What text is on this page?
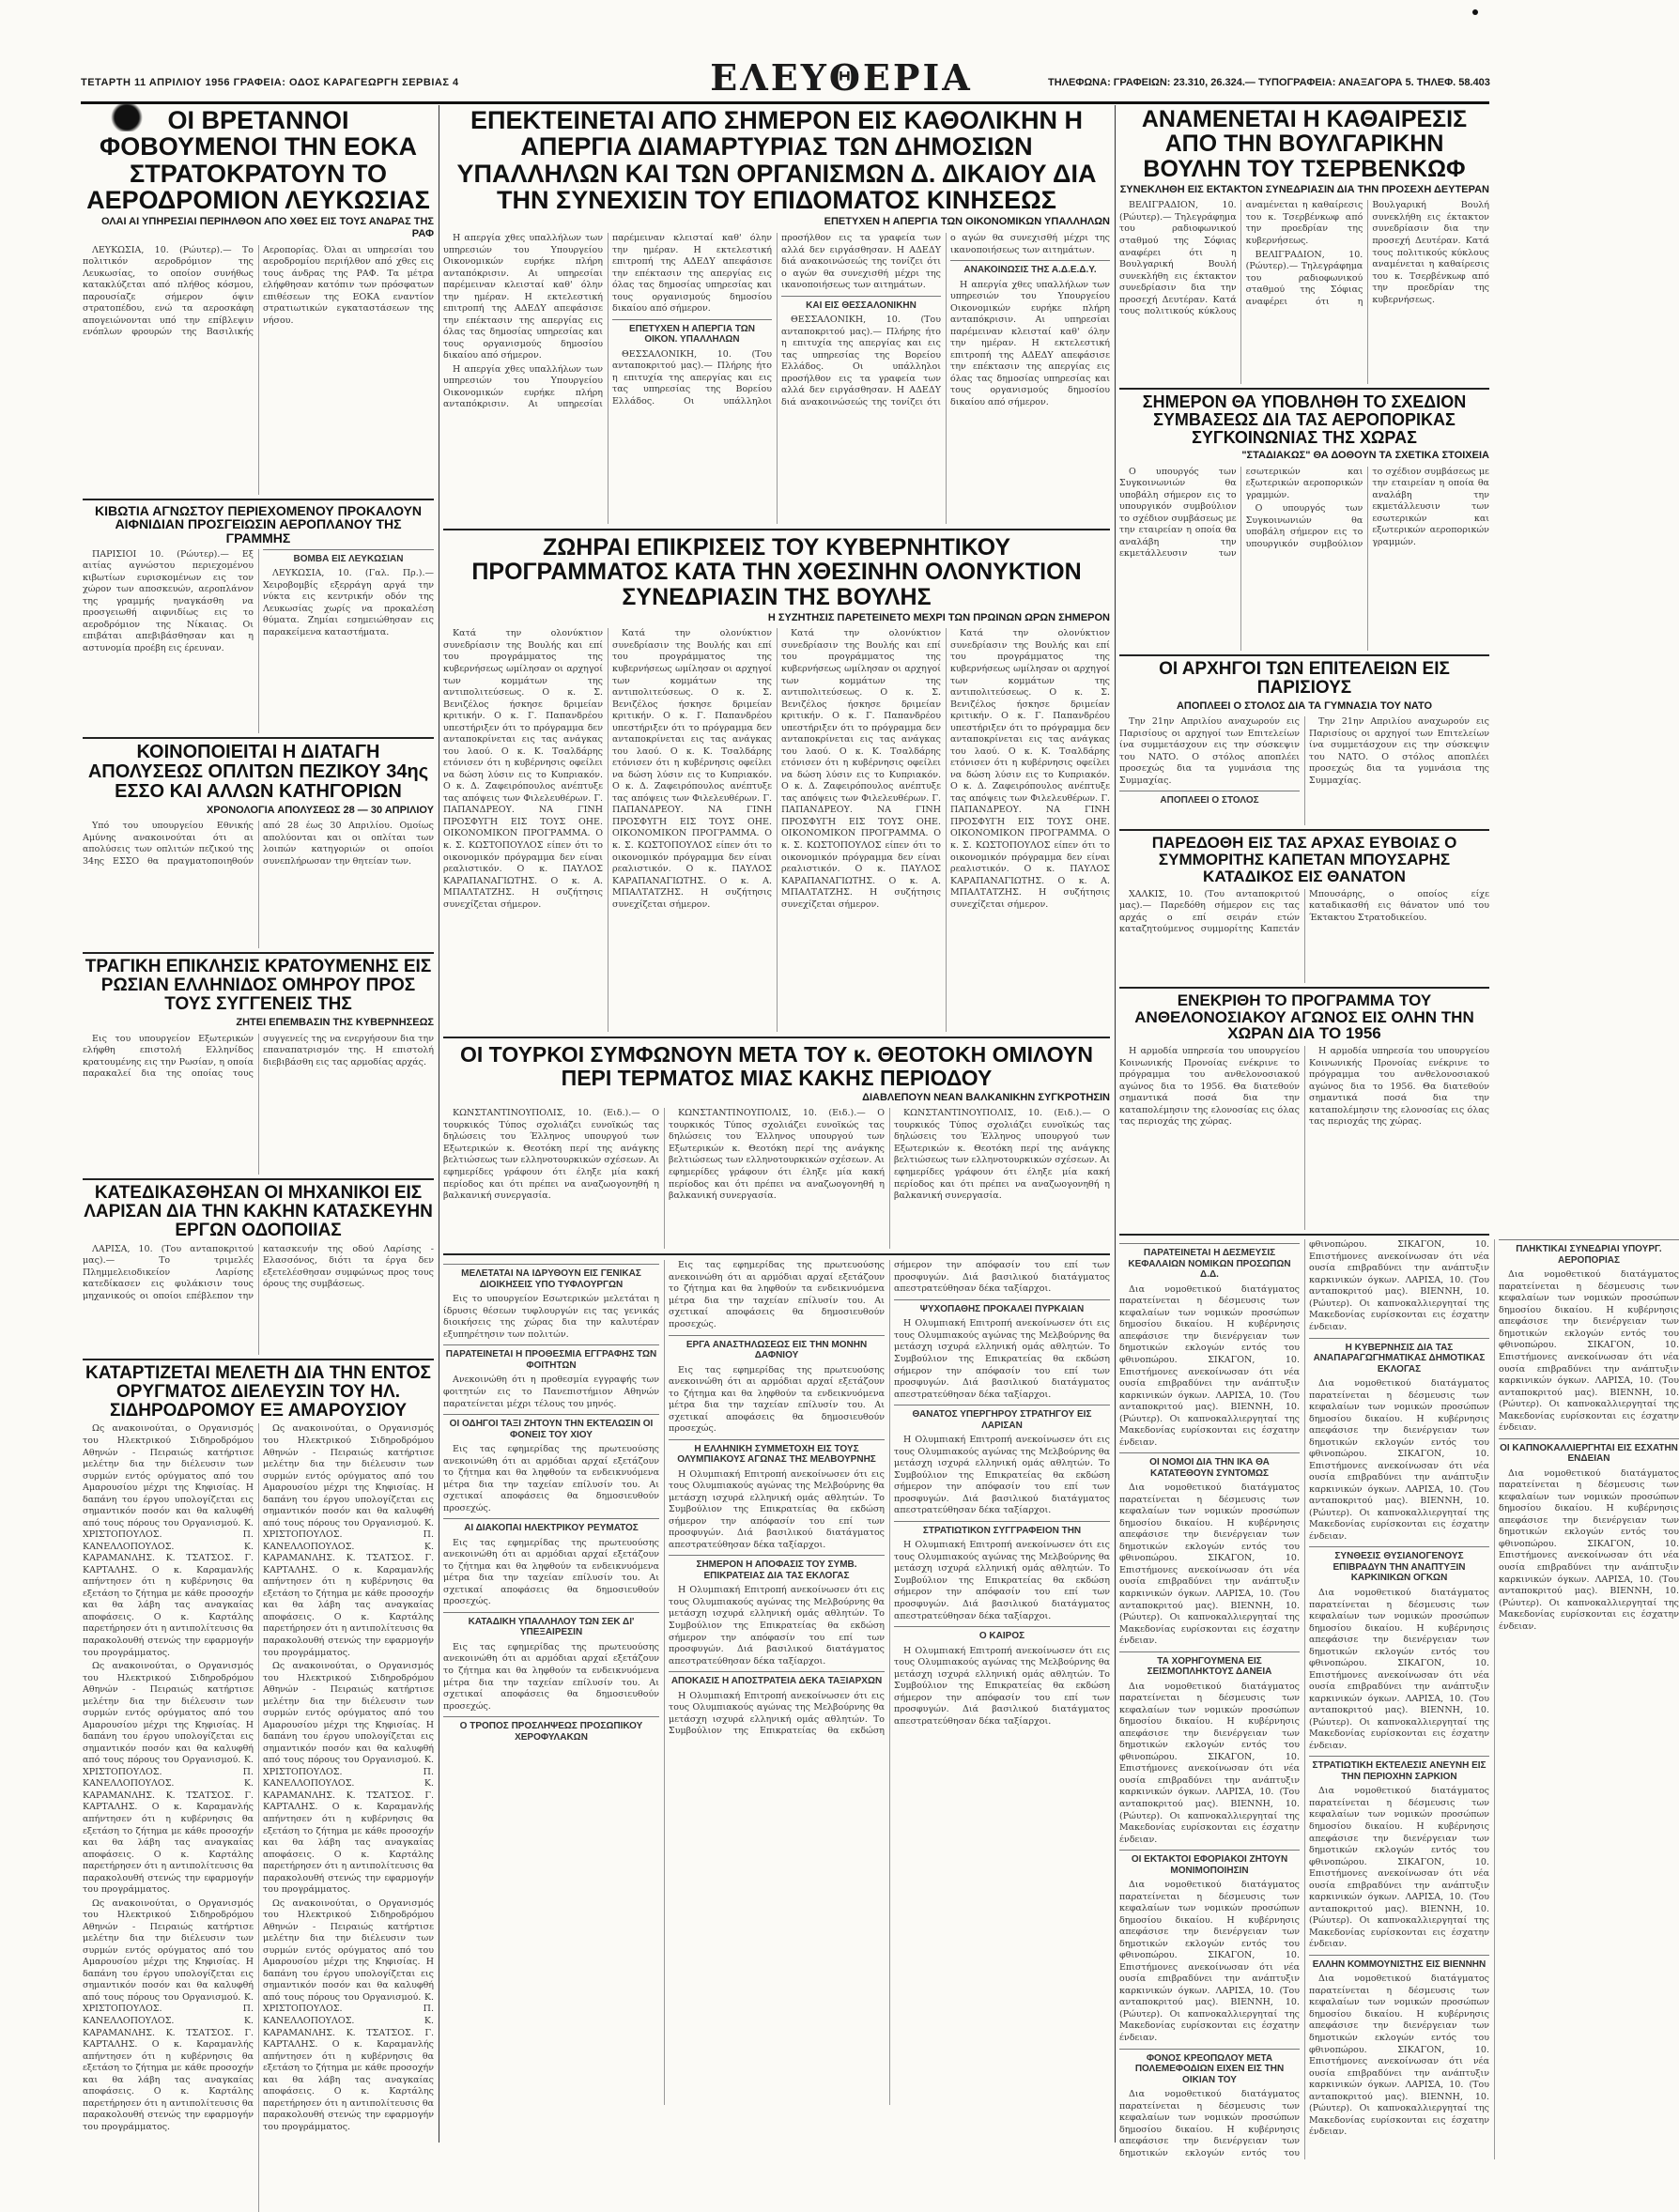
ΤΕΤΑΡΤΗ 11 ΑΠΡΙΛΙΟΥ 1956 ΓΡΑΦΕΙΑ: ΟΔΟΣ ΚΑΡΑΓΕΩΡΓΗ ΣΕΡΒΙΑΣ 4	ΕΛΕΥΘΕΡΙΑ	ΤΗΛΕΦΩΝΑ: ΓΡΑΦΕΙΩΝ: 23.310, 26.324.— ΤΥΠΟΓΡΑΦΕΙΑ: ΑΝΑΞΑΓΟΡΑ 5. ΤΗΛΕΦ. 58.403
ΟΙ ΒΡΕΤΑΝΝΟΙ ΦΟΒΟΥΜΕΝΟΙ ΤΗΝ ΕΟΚΑ ΣΤΡΑΤΟΚΡΑΤΟΥΝ ΤΟ ΑΕΡΟΔΡΟΜΙΟΝ ΛΕΥΚΩΣΙΑΣ
ΟΛΑΙ ΑΙ ΥΠΗΡΕΣΙΑΙ ΠΕΡΙΗΛΘΟΝ ΑΠΟ ΧΘΕΣ ΕΙΣ ΤΟΥΣ ΑΝΔΡΑΣ ΤΗΣ ΡΑΦ

ΛΕΥΚΩΣΙΑ, 10. (Ρώυτερ).— Το πολιτικόν αεροδρόμιον της Λευκωσίας, το οποίον συνήθως κατακλύζεται από πλήθος κόσμου, παρουσίαζε σήμερον όψιν στρατοπέδου, ενώ τα αεροσκάφη απογειώνονται υπό την επίβλεψιν ενόπλων φρουρών της Βασιλικής Αεροπορίας. Όλαι αι υπηρεσίαι του αεροδρομίου περιήλθον από χθες εις τους άνδρας της ΡΑΦ. Τα μέτρα ελήφθησαν κατόπιν των πρόσφατων επιθέσεων της ΕΟΚΑ εναντίον στρατιωτικών εγκαταστάσεων της νήσου.

ΚΙΒΩΤΙΑ ΑΓΝΩΣΤΟΥ ΠΕΡΙΕΧΟΜΕΝΟΥ ΠΡΟΚΑΛΟΥΝ ΑΙΦΝΙΔΙΑΝ ΠΡΟΣΓΕΙΩΣΙΝ ΑΕΡΟΠΛΑΝΟΥ ΤΗΣ ΓΡΑΜΜΗΣ

ΠΑΡΙΣΙΟΙ 10. (Ρώυτερ).— Εξ αιτίας αγνώστου περιεχομένου κιβωτίων ευρισκομένων εις τον χώρον των αποσκευών, αεροπλάνον της γραμμής ηναγκάσθη να προσγειωθή αιφνιδίως εις το αεροδρόμιον της Νίκαιας. Οι επιβάται απεβιβάσθησαν και η αστυνομία προέβη εις έρευναν.

ΒΟΜΒΑ ΕΙΣ ΛΕΥΚΩΣΙΑΝ

ΛΕΥΚΩΣΙΑ, 10. (Γαλ. Πρ.).— Χειροβομβίς εξερράγη αργά την νύκτα εις κεντρικήν οδόν της Λευκωσίας χωρίς να προκαλέση θύματα. Ζημίαι εσημειώθησαν εις παρακείμενα καταστήματα.

ΚΟΙΝΟΠΟΙΕΙΤΑΙ Η ΔΙΑΤΑΓΗ ΑΠΟΛΥΣΕΩΣ ΟΠΛΙΤΩΝ ΠΕΖΙΚΟΥ 34ης ΕΣΣΟ ΚΑΙ ΑΛΛΩΝ ΚΑΤΗΓΟΡΙΩΝ
ΧΡΟΝΟΛΟΓΙΑ ΑΠΟΛΥΣΕΩΣ 28 — 30 ΑΠΡΙΛΙΟΥ

Υπό του υπουργείου Εθνικής Αμύνης ανακοινούται ότι αι απολύσεις των οπλιτών πεζικού της 34ης ΕΣΣΟ θα πραγματοποιηθούν από 28 έως 30 Απριλίου. Ομοίως απολύονται και οι οπλίται των λοιπών κατηγοριών οι οποίοι συνεπλήρωσαν την θητείαν των.

ΤΡΑΓΙΚΗ ΕΠΙΚΛΗΣΙΣ ΚΡΑΤΟΥΜΕΝΗΣ ΕΙΣ ΡΩΣΙΑΝ ΕΛΛΗΝΙΔΟΣ ΟΜΗΡΟΥ ΠΡΟΣ ΤΟΥΣ ΣΥΓΓΕΝΕΙΣ ΤΗΣ
ΖΗΤΕΙ ΕΠΕΜΒΑΣΙΝ ΤΗΣ ΚΥΒΕΡΝΗΣΕΩΣ

Εις του υπουργείον Εξωτερικών ελήφθη επιστολή Ελληνίδος κρατουμένης εις την Ρωσίαν, η οποία παρακαλεί δια της οποίας τους συγγενείς της να ενεργήσουν δια την επαναπατρισμόν της. Η επιστολή διεβιβάσθη εις τας αρμοδίας αρχάς.

ΚΑΤΕΔΙΚΑΣΘΗΣΑΝ ΟΙ ΜΗΧΑΝΙΚΟΙ ΕΙΣ ΛΑΡΙΣΑΝ ΔΙΑ ΤΗΝ ΚΑΚΗΝ ΚΑΤΑΣΚΕΥΗΝ ΕΡΓΩΝ ΟΔΟΠΟΙΙΑΣ

ΛΑΡΙΣΑ, 10. (Του ανταποκριτού μας).— Το τριμελές Πλημμελειοδικείον Λαρίσης κατεδίκασεν εις φυλάκισιν τους μηχανικούς οι οποίοι επέβλεπον την κατασκευήν της οδού Λαρίσης - Ελασσόνος, διότι τα έργα δεν εξετελέσθησαν συμφώνως προς τους όρους της συμβάσεως.

ΚΑΤΑΡΤΙΖΕΤΑΙ ΜΕΛΕΤΗ ΔΙΑ ΤΗΝ ΕΝΤΟΣ ΟΡΥΓΜΑΤΟΣ ΔΙΕΛΕΥΣΙΝ ΤΟΥ ΗΛ. ΣΙΔΗΡΟΔΡΟΜΟΥ ΕΞ ΑΜΑΡΟΥΣΙΟΥ

Ως ανακοινούται, ο Οργανισμός του Ηλεκτρικού Σιδηροδρόμου Αθηνών - Πειραιώς κατήρτισε μελέτην δια την διέλευσιν των συρμών εντός ορύγματος από του Αμαρουσίου μέχρι της Κηφισίας. Η δαπάνη του έργου υπολογίζεται εις σημαντικόν ποσόν και θα καλυφθή από τους πόρους του Οργανισμού. Κ. ΧΡΙΣΤΟΠΟΥΛΟΣ. Π. ΚΑΝΕΛΛΟΠΟΥΛΟΣ. Κ. ΚΑΡΑΜΑΝΛΗΣ. Κ. ΤΣΑΤΣΟΣ. Γ. ΚΑΡΤΑΛΗΣ. Ο κ. Καραμανλής απήντησεν ότι η κυβέρνησις θα εξετάση το ζήτημα με κάθε προσοχήν και θα λάβη τας αναγκαίας αποφάσεις. Ο κ. Καρτάλης παρετήρησεν ότι η αντιπολίτευσις θα παρακολουθή στενώς την εφαρμογήν του προγράμματος.

Ως ανακοινούται, ο Οργανισμός του Ηλεκτρικού Σιδηροδρόμου Αθηνών - Πειραιώς κατήρτισε μελέτην δια την διέλευσιν των συρμών εντός ορύγματος από του Αμαρουσίου μέχρι της Κηφισίας. Η δαπάνη του έργου υπολογίζεται εις σημαντικόν ποσόν και θα καλυφθή από τους πόρους του Οργανισμού. Κ. ΧΡΙΣΤΟΠΟΥΛΟΣ. Π. ΚΑΝΕΛΛΟΠΟΥΛΟΣ. Κ. ΚΑΡΑΜΑΝΛΗΣ. Κ. ΤΣΑΤΣΟΣ. Γ. ΚΑΡΤΑΛΗΣ. Ο κ. Καραμανλής απήντησεν ότι η κυβέρνησις θα εξετάση το ζήτημα με κάθε προσοχήν και θα λάβη τας αναγκαίας αποφάσεις. Ο κ. Καρτάλης παρετήρησεν ότι η αντιπολίτευσις θα παρακολουθή στενώς την εφαρμογήν του προγράμματος.

Ως ανακοινούται, ο Οργανισμός του Ηλεκτρικού Σιδηροδρόμου Αθηνών - Πειραιώς κατήρτισε μελέτην δια την διέλευσιν των συρμών εντός ορύγματος από του Αμαρουσίου μέχρι της Κηφισίας. Η δαπάνη του έργου υπολογίζεται εις σημαντικόν ποσόν και θα καλυφθή από τους πόρους του Οργανισμού. Κ. ΧΡΙΣΤΟΠΟΥΛΟΣ. Π. ΚΑΝΕΛΛΟΠΟΥΛΟΣ. Κ. ΚΑΡΑΜΑΝΛΗΣ. Κ. ΤΣΑΤΣΟΣ. Γ. ΚΑΡΤΑΛΗΣ. Ο κ. Καραμανλής απήντησεν ότι η κυβέρνησις θα εξετάση το ζήτημα με κάθε προσοχήν και θα λάβη τας αναγκαίας αποφάσεις. Ο κ. Καρτάλης παρετήρησεν ότι η αντιπολίτευσις θα παρακολουθή στενώς την εφαρμογήν του προγράμματος.

Ως ανακοινούται, ο Οργανισμός του Ηλεκτρικού Σιδηροδρόμου Αθηνών - Πειραιώς κατήρτισε μελέτην δια την διέλευσιν των συρμών εντός ορύγματος από του Αμαρουσίου μέχρι της Κηφισίας. Η δαπάνη του έργου υπολογίζεται εις σημαντικόν ποσόν και θα καλυφθή από τους πόρους του Οργανισμού. Κ. ΧΡΙΣΤΟΠΟΥΛΟΣ. Π. ΚΑΝΕΛΛΟΠΟΥΛΟΣ. Κ. ΚΑΡΑΜΑΝΛΗΣ. Κ. ΤΣΑΤΣΟΣ. Γ. ΚΑΡΤΑΛΗΣ. Ο κ. Καραμανλής απήντησεν ότι η κυβέρνησις θα εξετάση το ζήτημα με κάθε προσοχήν και θα λάβη τας αναγκαίας αποφάσεις. Ο κ. Καρτάλης παρετήρησεν ότι η αντιπολίτευσις θα παρακολουθή στενώς την εφαρμογήν του προγράμματος.

Ως ανακοινούται, ο Οργανισμός του Ηλεκτρικού Σιδηροδρόμου Αθηνών - Πειραιώς κατήρτισε μελέτην δια την διέλευσιν των συρμών εντός ορύγματος από του Αμαρουσίου μέχρι της Κηφισίας. Η δαπάνη του έργου υπολογίζεται εις σημαντικόν ποσόν και θα καλυφθή από τους πόρους του Οργανισμού. Κ. ΧΡΙΣΤΟΠΟΥΛΟΣ. Π. ΚΑΝΕΛΛΟΠΟΥΛΟΣ. Κ. ΚΑΡΑΜΑΝΛΗΣ. Κ. ΤΣΑΤΣΟΣ. Γ. ΚΑΡΤΑΛΗΣ. Ο κ. Καραμανλής απήντησεν ότι η κυβέρνησις θα εξετάση το ζήτημα με κάθε προσοχήν και θα λάβη τας αναγκαίας αποφάσεις. Ο κ. Καρτάλης παρετήρησεν ότι η αντιπολίτευσις θα παρακολουθή στενώς την εφαρμογήν του προγράμματος.

Ως ανακοινούται, ο Οργανισμός του Ηλεκτρικού Σιδηροδρόμου Αθηνών - Πειραιώς κατήρτισε μελέτην δια την διέλευσιν των συρμών εντός ορύγματος από του Αμαρουσίου μέχρι της Κηφισίας. Η δαπάνη του έργου υπολογίζεται εις σημαντικόν ποσόν και θα καλυφθή από τους πόρους του Οργανισμού. Κ. ΧΡΙΣΤΟΠΟΥΛΟΣ. Π. ΚΑΝΕΛΛΟΠΟΥΛΟΣ. Κ. ΚΑΡΑΜΑΝΛΗΣ. Κ. ΤΣΑΤΣΟΣ. Γ. ΚΑΡΤΑΛΗΣ. Ο κ. Καραμανλής απήντησεν ότι η κυβέρνησις θα εξετάση το ζήτημα με κάθε προσοχήν και θα λάβη τας αναγκαίας αποφάσεις. Ο κ. Καρτάλης παρετήρησεν ότι η αντιπολίτευσις θα παρακολουθή στενώς την εφαρμογήν του προγράμματος.

ΕΠΕΚΤΕΙΝΕΤΑΙ ΑΠΟ ΣΗΜΕΡΟΝ ΕΙΣ ΚΑΘΟΛΙΚΗΝ Η ΑΠΕΡΓΙΑ ΔΙΑΜΑΡΤΥΡΙΑΣ ΤΩΝ ΔΗΜΟΣΙΩΝ ΥΠΑΛΛΗΛΩΝ ΚΑΙ ΤΩΝ ΟΡΓΑΝΙΣΜΩΝ Δ. ΔΙΚΑΙΟΥ ΔΙΑ ΤΗΝ ΣΥΝΕΧΙΣΙΝ ΤΟΥ ΕΠΙΔΟΜΑΤΟΣ ΚΙΝΗΣΕΩΣ
ΕΠΕΤΥΧΕΝ Η ΑΠΕΡΓΙΑ ΤΩΝ ΟΙΚΟΝΟΜΙΚΩΝ ΥΠΑΛΛΗΛΩΝ

Η απεργία χθες υπαλλήλων των υπηρεσιών του Υπουργείου Οικονομικών ευρήκε πλήρη ανταπόκρισιν. Αι υπηρεσίαι παρέμειναν κλεισταί καθ' όλην την ημέραν. Η εκτελεστική επιτροπή της ΑΔΕΔΥ απεφάσισε την επέκτασιν της απεργίας εις όλας τας δημοσίας υπηρεσίας και τους οργανισμούς δημοσίου δικαίου από σήμερον.

Η απεργία χθες υπαλλήλων των υπηρεσιών του Υπουργείου Οικονομικών ευρήκε πλήρη ανταπόκρισιν. Αι υπηρεσίαι παρέμειναν κλεισταί καθ' όλην την ημέραν. Η εκτελεστική επιτροπή της ΑΔΕΔΥ απεφάσισε την επέκτασιν της απεργίας εις όλας τας δημοσίας υπηρεσίας και τους οργανισμούς δημοσίου δικαίου από σήμερον.

ΕΠΕΤΥΧΕΝ Η ΑΠΕΡΓΙΑ ΤΩΝ ΟΙΚΟΝ. ΥΠΑΛΛΗΛΩΝ

ΘΕΣΣΑΛΟΝΙΚΗ, 10. (Του ανταποκριτού μας).— Πλήρης ήτο η επιτυχία της απεργίας και εις τας υπηρεσίας της Βορείου Ελλάδος. Οι υπάλληλοι προσήλθον εις τα γραφεία των αλλά δεν ειργάσθησαν. Η ΑΔΕΔΥ διά ανακοινώσεώς της τονίζει ότι ο αγών θα συνεχισθή μέχρι της ικανοποιήσεως των αιτημάτων.

ΚΑΙ ΕΙΣ ΘΕΣΣΑΛΟΝΙΚΗΝ

ΘΕΣΣΑΛΟΝΙΚΗ, 10. (Του ανταποκριτού μας).— Πλήρης ήτο η επιτυχία της απεργίας και εις τας υπηρεσίας της Βορείου Ελλάδος. Οι υπάλληλοι προσήλθον εις τα γραφεία των αλλά δεν ειργάσθησαν. Η ΑΔΕΔΥ διά ανακοινώσεώς της τονίζει ότι ο αγών θα συνεχισθή μέχρι της ικανοποιήσεως των αιτημάτων.

ΑΝΑΚΟΙΝΩΣΙΣ ΤΗΣ Α.Δ.Ε.Δ.Υ.

Η απεργία χθες υπαλλήλων των υπηρεσιών του Υπουργείου Οικονομικών ευρήκε πλήρη ανταπόκρισιν. Αι υπηρεσίαι παρέμειναν κλεισταί καθ' όλην την ημέραν. Η εκτελεστική επιτροπή της ΑΔΕΔΥ απεφάσισε την επέκτασιν της απεργίας εις όλας τας δημοσίας υπηρεσίας και τους οργανισμούς δημοσίου δικαίου από σήμερον.

ΖΩΗΡΑΙ ΕΠΙΚΡΙΣΕΙΣ ΤΟΥ ΚΥΒΕΡΝΗΤΙΚΟΥ ΠΡΟΓΡΑΜΜΑΤΟΣ ΚΑΤΑ ΤΗΝ ΧΘΕΣΙΝΗΝ ΟΛΟΝΥΚΤΙΟΝ ΣΥΝΕΔΡΙΑΣΙΝ ΤΗΣ ΒΟΥΛΗΣ
Η ΣΥΖΗΤΗΣΙΣ ΠΑΡΕΤΕΙΝΕΤΟ ΜΕΧΡΙ ΤΩΝ ΠΡΩΙΝΩΝ ΩΡΩΝ ΣΗΜΕΡΟΝ

Κατά την ολονύκτιον συνεδρίασιν της Βουλής και επί του προγράμματος της κυβερνήσεως ωμίλησαν οι αρχηγοί των κομμάτων της αντιπολιτεύσεως. Ο κ. Σ. Βενιζέλος ήσκησε δριμείαν κριτικήν. Ο κ. Γ. Παπανδρέου υπεστήριξεν ότι το πρόγραμμα δεν ανταποκρίνεται εις τας ανάγκας του λαού. Ο κ. Κ. Τσαλδάρης ετόνισεν ότι η κυβέρνησις οφείλει να δώση λύσιν εις το Κυπριακόν. Ο κ. Δ. Ζαφειρόπουλος ανέπτυξε τας απόψεις των Φιλελευθέρων. Γ. ΠΑΠΑΝΔΡΕΟΥ. ΝΑ ΓΙΝΗ ΠΡΟΣΦΥΓΗ ΕΙΣ ΤΟΥΣ ΟΗΕ. ΟΙΚΟΝΟΜΙΚΟΝ ΠΡΟΓΡΑΜΜΑ. Ο κ. Σ. ΚΩΣΤΟΠΟΥΛΟΣ είπεν ότι το οικονομικόν πρόγραμμα δεν είναι ρεαλιστικόν. Ο κ. ΠΑΥΛΟΣ ΚΑΡΑΠΑΝΑΓΙΩΤΗΣ. Ο κ. Α. ΜΠΑΛΤΑΤΖΗΣ. Η συζήτησις συνεχίζεται σήμερον.

Κατά την ολονύκτιον συνεδρίασιν της Βουλής και επί του προγράμματος της κυβερνήσεως ωμίλησαν οι αρχηγοί των κομμάτων της αντιπολιτεύσεως. Ο κ. Σ. Βενιζέλος ήσκησε δριμείαν κριτικήν. Ο κ. Γ. Παπανδρέου υπεστήριξεν ότι το πρόγραμμα δεν ανταποκρίνεται εις τας ανάγκας του λαού. Ο κ. Κ. Τσαλδάρης ετόνισεν ότι η κυβέρνησις οφείλει να δώση λύσιν εις το Κυπριακόν. Ο κ. Δ. Ζαφειρόπουλος ανέπτυξε τας απόψεις των Φιλελευθέρων. Γ. ΠΑΠΑΝΔΡΕΟΥ. ΝΑ ΓΙΝΗ ΠΡΟΣΦΥΓΗ ΕΙΣ ΤΟΥΣ ΟΗΕ. ΟΙΚΟΝΟΜΙΚΟΝ ΠΡΟΓΡΑΜΜΑ. Ο κ. Σ. ΚΩΣΤΟΠΟΥΛΟΣ είπεν ότι το οικονομικόν πρόγραμμα δεν είναι ρεαλιστικόν. Ο κ. ΠΑΥΛΟΣ ΚΑΡΑΠΑΝΑΓΙΩΤΗΣ. Ο κ. Α. ΜΠΑΛΤΑΤΖΗΣ. Η συζήτησις συνεχίζεται σήμερον.

Κατά την ολονύκτιον συνεδρίασιν της Βουλής και επί του προγράμματος της κυβερνήσεως ωμίλησαν οι αρχηγοί των κομμάτων της αντιπολιτεύσεως. Ο κ. Σ. Βενιζέλος ήσκησε δριμείαν κριτικήν. Ο κ. Γ. Παπανδρέου υπεστήριξεν ότι το πρόγραμμα δεν ανταποκρίνεται εις τας ανάγκας του λαού. Ο κ. Κ. Τσαλδάρης ετόνισεν ότι η κυβέρνησις οφείλει να δώση λύσιν εις το Κυπριακόν. Ο κ. Δ. Ζαφειρόπουλος ανέπτυξε τας απόψεις των Φιλελευθέρων. Γ. ΠΑΠΑΝΔΡΕΟΥ. ΝΑ ΓΙΝΗ ΠΡΟΣΦΥΓΗ ΕΙΣ ΤΟΥΣ ΟΗΕ. ΟΙΚΟΝΟΜΙΚΟΝ ΠΡΟΓΡΑΜΜΑ. Ο κ. Σ. ΚΩΣΤΟΠΟΥΛΟΣ είπεν ότι το οικονομικόν πρόγραμμα δεν είναι ρεαλιστικόν. Ο κ. ΠΑΥΛΟΣ ΚΑΡΑΠΑΝΑΓΙΩΤΗΣ. Ο κ. Α. ΜΠΑΛΤΑΤΖΗΣ. Η συζήτησις συνεχίζεται σήμερον.

Κατά την ολονύκτιον συνεδρίασιν της Βουλής και επί του προγράμματος της κυβερνήσεως ωμίλησαν οι αρχηγοί των κομμάτων της αντιπολιτεύσεως. Ο κ. Σ. Βενιζέλος ήσκησε δριμείαν κριτικήν. Ο κ. Γ. Παπανδρέου υπεστήριξεν ότι το πρόγραμμα δεν ανταποκρίνεται εις τας ανάγκας του λαού. Ο κ. Κ. Τσαλδάρης ετόνισεν ότι η κυβέρνησις οφείλει να δώση λύσιν εις το Κυπριακόν. Ο κ. Δ. Ζαφειρόπουλος ανέπτυξε τας απόψεις των Φιλελευθέρων. Γ. ΠΑΠΑΝΔΡΕΟΥ. ΝΑ ΓΙΝΗ ΠΡΟΣΦΥΓΗ ΕΙΣ ΤΟΥΣ ΟΗΕ. ΟΙΚΟΝΟΜΙΚΟΝ ΠΡΟΓΡΑΜΜΑ. Ο κ. Σ. ΚΩΣΤΟΠΟΥΛΟΣ είπεν ότι το οικονομικόν πρόγραμμα δεν είναι ρεαλιστικόν. Ο κ. ΠΑΥΛΟΣ ΚΑΡΑΠΑΝΑΓΙΩΤΗΣ. Ο κ. Α. ΜΠΑΛΤΑΤΖΗΣ. Η συζήτησις συνεχίζεται σήμερον.

ΟΙ ΤΟΥΡΚΟΙ ΣΥΜΦΩΝΟΥΝ ΜΕΤΑ ΤΟΥ κ. ΘΕΟΤΟΚΗ ΟΜΙΛΟΥΝ ΠΕΡΙ ΤΕΡΜΑΤΟΣ ΜΙΑΣ ΚΑΚΗΣ ΠΕΡΙΟΔΟΥ
ΔΙΑΒΛΕΠΟΥΝ ΝΕΑΝ ΒΑΛΚΑΝΙΚΗΝ ΣΥΓΚΡΟΤΗΣΙΝ

ΚΩΝΣΤΑΝΤΙΝΟΥΠΟΛΙΣ, 10. (Ειδ.).— Ο τουρκικός Τύπος σχολιάζει ευνοϊκώς τας δηλώσεις του Έλληνος υπουργού των Εξωτερικών κ. Θεοτόκη περί της ανάγκης βελτιώσεως των ελληνοτουρκικών σχέσεων. Αι εφημερίδες γράφουν ότι έληξε μία κακή περίοδος και ότι πρέπει να αναζωογονηθή η βαλκανική συνεργασία.

ΚΩΝΣΤΑΝΤΙΝΟΥΠΟΛΙΣ, 10. (Ειδ.).— Ο τουρκικός Τύπος σχολιάζει ευνοϊκώς τας δηλώσεις του Έλληνος υπουργού των Εξωτερικών κ. Θεοτόκη περί της ανάγκης βελτιώσεως των ελληνοτουρκικών σχέσεων. Αι εφημερίδες γράφουν ότι έληξε μία κακή περίοδος και ότι πρέπει να αναζωογονηθή η βαλκανική συνεργασία.

ΚΩΝΣΤΑΝΤΙΝΟΥΠΟΛΙΣ, 10. (Ειδ.).— Ο τουρκικός Τύπος σχολιάζει ευνοϊκώς τας δηλώσεις του Έλληνος υπουργού των Εξωτερικών κ. Θεοτόκη περί της ανάγκης βελτιώσεως των ελληνοτουρκικών σχέσεων. Αι εφημερίδες γράφουν ότι έληξε μία κακή περίοδος και ότι πρέπει να αναζωογονηθή η βαλκανική συνεργασία.

ΜΕΛΕΤΑΤΑΙ ΝΑ ΙΔΡΥΘΟΥΝ ΕΙΣ ΓΕΝΙΚΑΣ ΔΙΟΙΚΗΣΕΙΣ ΥΠΟ ΤΥΦΛΟΥΡΓΩΝ

Εις το υπουργείον Εσωτερικών μελετάται η ίδρυσις θέσεων τυφλουργών εις τας γενικάς διοικήσεις της χώρας δια την καλυτέραν εξυπηρέτησιν των πολιτών.

ΠΑΡΑΤΕΙΝΕΤΑΙ Η ΠΡΟΘΕΣΜΙΑ ΕΓΓΡΑΦΗΣ ΤΩΝ ΦΟΙΤΗΤΩΝ

Ανεκοινώθη ότι η προθεσμία εγγραφής των φοιτητών εις το Πανεπιστήμιον Αθηνών παρατείνεται μέχρι τέλους του μηνός.

ΟΙ ΟΔΗΓΟΙ ΤΑΞΙ ΖΗΤΟΥΝ ΤΗΝ ΕΚΤΕΛΩΣΙΝ ΟΙ ΦΟΝΕΙΣ ΤΟΥ ΧΙΟΥ

Εις τας εφημερίδας της πρωτευούσης ανεκοινώθη ότι αι αρμόδιαι αρχαί εξετάζουν το ζήτημα και θα ληφθούν τα ενδεικνυόμενα μέτρα δια την ταχείαν επίλυσίν του. Αι σχετικαί αποφάσεις θα δημοσιευθούν προσεχώς.

ΑΙ ΔΙΑΚΟΠΑΙ ΗΛΕΚΤΡΙΚΟΥ ΡΕΥΜΑΤΟΣ

Εις τας εφημερίδας της πρωτευούσης ανεκοινώθη ότι αι αρμόδιαι αρχαί εξετάζουν το ζήτημα και θα ληφθούν τα ενδεικνυόμενα μέτρα δια την ταχείαν επίλυσίν του. Αι σχετικαί αποφάσεις θα δημοσιευθούν προσεχώς.

ΚΑΤΑΔΙΚΗ ΥΠΑΛΛΗΛΟΥ ΤΩΝ ΣΕΚ ΔΙ' ΥΠΕΞΑΙΡΕΣΙΝ

Εις τας εφημερίδας της πρωτευούσης ανεκοινώθη ότι αι αρμόδιαι αρχαί εξετάζουν το ζήτημα και θα ληφθούν τα ενδεικνυόμενα μέτρα δια την ταχείαν επίλυσίν του. Αι σχετικαί αποφάσεις θα δημοσιευθούν προσεχώς.

Ο ΤΡΟΠΟΣ ΠΡΟΣΛΗΨΕΩΣ ΠΡΟΣΩΠΙΚΟΥ ΧΕΡΟΦΥΛΑΚΩΝ

Εις τας εφημερίδας της πρωτευούσης ανεκοινώθη ότι αι αρμόδιαι αρχαί εξετάζουν το ζήτημα και θα ληφθούν τα ενδεικνυόμενα μέτρα δια την ταχείαν επίλυσίν του. Αι σχετικαί αποφάσεις θα δημοσιευθούν προσεχώς.

ΕΡΓΑ ΑΝΑΣΤΗΛΩΣΕΩΣ ΕΙΣ ΤΗΝ ΜΟΝΗΝ ΔΑΦΝΙΟΥ

Εις τας εφημερίδας της πρωτευούσης ανεκοινώθη ότι αι αρμόδιαι αρχαί εξετάζουν το ζήτημα και θα ληφθούν τα ενδεικνυόμενα μέτρα δια την ταχείαν επίλυσίν του. Αι σχετικαί αποφάσεις θα δημοσιευθούν προσεχώς.

Η ΕΛΛΗΝΙΚΗ ΣΥΜΜΕΤΟΧΗ ΕΙΣ ΤΟΥΣ ΟΛΥΜΠΙΑΚΟΥΣ ΑΓΩΝΑΣ ΤΗΣ ΜΕΛΒΟΥΡΝΗΣ

Η Ολυμπιακή Επιτροπή ανεκοίνωσεν ότι εις τους Ολυμπιακούς αγώνας της Μελβούρνης θα μετάσχη ισχυρά ελληνική ομάς αθλητών. Το Συμβούλιον της Επικρατείας θα εκδώση σήμερον την απόφασίν του επί των προσφυγών. Διά βασιλικού διατάγματος απεστρατεύθησαν δέκα ταξίαρχοι.

ΣΗΜΕΡΟΝ Η ΑΠΟΦΑΣΙΣ ΤΟΥ ΣΥΜΒ. ΕΠΙΚΡΑΤΕΙΑΣ ΔΙΑ ΤΑΣ ΕΚΛΟΓΑΣ

Η Ολυμπιακή Επιτροπή ανεκοίνωσεν ότι εις τους Ολυμπιακούς αγώνας της Μελβούρνης θα μετάσχη ισχυρά ελληνική ομάς αθλητών. Το Συμβούλιον της Επικρατείας θα εκδώση σήμερον την απόφασίν του επί των προσφυγών. Διά βασιλικού διατάγματος απεστρατεύθησαν δέκα ταξίαρχοι.

ΑΠΟΚΑΣΙΣ Η ΑΠΟΣΤΡΑΤΕΙΑ ΔΕΚΑ ΤΑΞΙΑΡΧΩΝ

Η Ολυμπιακή Επιτροπή ανεκοίνωσεν ότι εις τους Ολυμπιακούς αγώνας της Μελβούρνης θα μετάσχη ισχυρά ελληνική ομάς αθλητών. Το Συμβούλιον της Επικρατείας θα εκδώση σήμερον την απόφασίν του επί των προσφυγών. Διά βασιλικού διατάγματος απεστρατεύθησαν δέκα ταξίαρχοι.

ΨΥΧΟΠΑΘΗΣ ΠΡΟΚΑΛΕΙ ΠΥΡΚΑΙΑΝ

Η Ολυμπιακή Επιτροπή ανεκοίνωσεν ότι εις τους Ολυμπιακούς αγώνας της Μελβούρνης θα μετάσχη ισχυρά ελληνική ομάς αθλητών. Το Συμβούλιον της Επικρατείας θα εκδώση σήμερον την απόφασίν του επί των προσφυγών. Διά βασιλικού διατάγματος απεστρατεύθησαν δέκα ταξίαρχοι.

ΘΑΝΑΤΟΣ ΥΠΕΡΓΗΡΟΥ ΣΤΡΑΤΗΓΟΥ ΕΙΣ ΛΑΡΙΣΑΝ

Η Ολυμπιακή Επιτροπή ανεκοίνωσεν ότι εις τους Ολυμπιακούς αγώνας της Μελβούρνης θα μετάσχη ισχυρά ελληνική ομάς αθλητών. Το Συμβούλιον της Επικρατείας θα εκδώση σήμερον την απόφασίν του επί των προσφυγών. Διά βασιλικού διατάγματος απεστρατεύθησαν δέκα ταξίαρχοι.

ΣΤΡΑΤΙΩΤΙΚΟΝ ΣΥΓΓΡΑΦΕΙΟΝ ΤΗΝ

Η Ολυμπιακή Επιτροπή ανεκοίνωσεν ότι εις τους Ολυμπιακούς αγώνας της Μελβούρνης θα μετάσχη ισχυρά ελληνική ομάς αθλητών. Το Συμβούλιον της Επικρατείας θα εκδώση σήμερον την απόφασίν του επί των προσφυγών. Διά βασιλικού διατάγματος απεστρατεύθησαν δέκα ταξίαρχοι.

Ο ΚΑΙΡΟΣ

Η Ολυμπιακή Επιτροπή ανεκοίνωσεν ότι εις τους Ολυμπιακούς αγώνας της Μελβούρνης θα μετάσχη ισχυρά ελληνική ομάς αθλητών. Το Συμβούλιον της Επικρατείας θα εκδώση σήμερον την απόφασίν του επί των προσφυγών. Διά βασιλικού διατάγματος απεστρατεύθησαν δέκα ταξίαρχοι.

ΑΝΑΜΕΝΕΤΑΙ Η ΚΑΘΑΙΡΕΣΙΣ ΑΠΟ ΤΗΝ ΒΟΥΛΓΑΡΙΚΗΝ ΒΟΥΛΗΝ ΤΟΥ ΤΣΕΡΒΕΝΚΩΦ
ΣΥΝΕΚΛΗΘΗ ΕΙΣ ΕΚΤΑΚΤΟΝ ΣΥΝΕΔΡΙΑΣΙΝ ΔΙΑ ΤΗΝ ΠΡΟΣΕΧΗ ΔΕΥΤΕΡΑΝ

ΒΕΛΙΓΡΑΔΙΟΝ, 10. (Ρώυτερ).— Τηλεγράφημα του ραδιοφωνικού σταθμού της Σόφιας αναφέρει ότι η Βουλγαρική Βουλή συνεκλήθη εις έκτακτον συνεδρίασιν δια την προσεχή Δευτέραν. Κατά τους πολιτικούς κύκλους αναμένεται η καθαίρεσις του κ. Τσερβένκωφ από την προεδρίαν της κυβερνήσεως.

ΒΕΛΙΓΡΑΔΙΟΝ, 10. (Ρώυτερ).— Τηλεγράφημα του ραδιοφωνικού σταθμού της Σόφιας αναφέρει ότι η Βουλγαρική Βουλή συνεκλήθη εις έκτακτον συνεδρίασιν δια την προσεχή Δευτέραν. Κατά τους πολιτικούς κύκλους αναμένεται η καθαίρεσις του κ. Τσερβένκωφ από την προεδρίαν της κυβερνήσεως.

ΣΗΜΕΡΟΝ ΘΑ ΥΠΟΒΛΗΘΗ ΤΟ ΣΧΕΔΙΟΝ ΣΥΜΒΑΣΕΩΣ ΔΙΑ ΤΑΣ ΑΕΡΟΠΟΡΙΚΑΣ ΣΥΓΚΟΙΝΩΝΙΑΣ ΤΗΣ ΧΩΡΑΣ
"ΣΤΑΔΙΑΚΩΣ" ΘΑ ΔΟΘΟΥΝ ΤΑ ΣΧΕΤΙΚΑ ΣΤΟΙΧΕΙΑ

Ο υπουργός των Συγκοινωνιών θα υποβάλη σήμερον εις το υπουργικόν συμβούλιον το σχέδιον συμβάσεως με την εταιρείαν η οποία θα αναλάβη την εκμετάλλευσιν των εσωτερικών και εξωτερικών αεροπορικών γραμμών.

Ο υπουργός των Συγκοινωνιών θα υποβάλη σήμερον εις το υπουργικόν συμβούλιον το σχέδιον συμβάσεως με την εταιρείαν η οποία θα αναλάβη την εκμετάλλευσιν των εσωτερικών και εξωτερικών αεροπορικών γραμμών.

ΟΙ ΑΡΧΗΓΟΙ ΤΩΝ ΕΠΙΤΕΛΕΙΩΝ ΕΙΣ ΠΑΡΙΣΙΟΥΣ
ΑΠΟΠΛΕΕΙ Ο ΣΤΟΛΟΣ ΔΙΑ ΤΑ ΓΥΜΝΑΣΙΑ ΤΟΥ ΝΑΤΟ

Την 21ην Απριλίου αναχωρούν εις Παρισίους οι αρχηγοί των Επιτελείων ίνα συμμετάσχουν εις την σύσκεψιν του ΝΑΤΟ. Ο στόλος αποπλέει προσεχώς δια τα γυμνάσια της Συμμαχίας.

ΑΠΟΠΛΕΕΙ Ο ΣΤΟΛΟΣ

Την 21ην Απριλίου αναχωρούν εις Παρισίους οι αρχηγοί των Επιτελείων ίνα συμμετάσχουν εις την σύσκεψιν του ΝΑΤΟ. Ο στόλος αποπλέει προσεχώς δια τα γυμνάσια της Συμμαχίας.

ΠΑΡΕΔΟΘΗ ΕΙΣ ΤΑΣ ΑΡΧΑΣ ΕΥΒΟΙΑΣ Ο ΣΥΜΜΟΡΙΤΗΣ ΚΑΠΕΤΑΝ ΜΠΟΥΣΑΡΗΣ ΚΑΤΑΔΙΚΟΣ ΕΙΣ ΘΑΝΑΤΟΝ

ΧΑΛΚΙΣ, 10. (Του ανταποκριτού μας).— Παρεδόθη σήμερον εις τας αρχάς ο επί σειράν ετών καταζητούμενος συμμορίτης Καπετάν Μπουσάρης, ο οποίος είχε καταδικασθή εις θάνατον υπό του Έκτακτου Στρατοδικείου.

ΕΝΕΚΡΙΘΗ ΤΟ ΠΡΟΓΡΑΜΜΑ ΤΟΥ ΑΝΘΕΛΟΝΟΣΙΑΚΟΥ ΑΓΩΝΟΣ ΕΙΣ ΟΛΗΝ ΤΗΝ ΧΩΡΑΝ ΔΙΑ ΤΟ 1956

Η αρμοδία υπηρεσία του υπουργείου Κοινωνικής Προνοίας ενέκρινε το πρόγραμμα του ανθελονοσιακού αγώνος δια το 1956. Θα διατεθούν σημαντικά ποσά δια την καταπολέμησιν της ελονοσίας εις όλας τας περιοχάς της χώρας.

Η αρμοδία υπηρεσία του υπουργείου Κοινωνικής Προνοίας ενέκρινε το πρόγραμμα του ανθελονοσιακού αγώνος δια το 1956. Θα διατεθούν σημαντικά ποσά δια την καταπολέμησιν της ελονοσίας εις όλας τας περιοχάς της χώρας.

ΠΑΡΑΤΕΙΝΕΤΑΙ Η ΔΕΣΜΕΥΣΙΣ ΚΕΦΑΛΑΙΩΝ ΝΟΜΙΚΩΝ ΠΡΟΣΩΠΩΝ Δ.Δ.

Δια νομοθετικού διατάγματος παρατείνεται η δέσμευσις των κεφαλαίων των νομικών προσώπων δημοσίου δικαίου. Η κυβέρνησις απεφάσισε την διενέργειαν των δημοτικών εκλογών εντός του φθινοπώρου. ΣΙΚΑΓΟΝ, 10. Επιστήμονες ανεκοίνωσαν ότι νέα ουσία επιβραδύνει την ανάπτυξιν καρκινικών όγκων. ΛΑΡΙΣΑ, 10. (Του ανταποκριτού μας). ΒΙΕΝΝΗ, 10. (Ρώυτερ). Οι καπνοκαλλιεργηταί της Μακεδονίας ευρίσκονται εις έσχατην ένδειαν.

ΟΙ ΝΟΜΟΙ ΔΙΑ ΤΗΝ ΙΚΑ ΘΑ ΚΑΤΑΤΕΘΟΥΝ ΣΥΝΤΟΜΩΣ

Δια νομοθετικού διατάγματος παρατείνεται η δέσμευσις των κεφαλαίων των νομικών προσώπων δημοσίου δικαίου. Η κυβέρνησις απεφάσισε την διενέργειαν των δημοτικών εκλογών εντός του φθινοπώρου. ΣΙΚΑΓΟΝ, 10. Επιστήμονες ανεκοίνωσαν ότι νέα ουσία επιβραδύνει την ανάπτυξιν καρκινικών όγκων. ΛΑΡΙΣΑ, 10. (Του ανταποκριτού μας). ΒΙΕΝΝΗ, 10. (Ρώυτερ). Οι καπνοκαλλιεργηταί της Μακεδονίας ευρίσκονται εις έσχατην ένδειαν.

ΤΑ ΧΟΡΗΓΟΥΜΕΝΑ ΕΙΣ ΣΕΙΣΜΟΠΛΗΚΤΟΥΣ ΔΑΝΕΙΑ

Δια νομοθετικού διατάγματος παρατείνεται η δέσμευσις των κεφαλαίων των νομικών προσώπων δημοσίου δικαίου. Η κυβέρνησις απεφάσισε την διενέργειαν των δημοτικών εκλογών εντός του φθινοπώρου. ΣΙΚΑΓΟΝ, 10. Επιστήμονες ανεκοίνωσαν ότι νέα ουσία επιβραδύνει την ανάπτυξιν καρκινικών όγκων. ΛΑΡΙΣΑ, 10. (Του ανταποκριτού μας). ΒΙΕΝΝΗ, 10. (Ρώυτερ). Οι καπνοκαλλιεργηταί της Μακεδονίας ευρίσκονται εις έσχατην ένδειαν.

ΟΙ ΕΚΤΑΚΤΟΙ ΕΦΟΡΙΑΚΟΙ ΖΗΤΟΥΝ ΜΟΝΙΜΟΠΟΙΗΣΙΝ

Δια νομοθετικού διατάγματος παρατείνεται η δέσμευσις των κεφαλαίων των νομικών προσώπων δημοσίου δικαίου. Η κυβέρνησις απεφάσισε την διενέργειαν των δημοτικών εκλογών εντός του φθινοπώρου. ΣΙΚΑΓΟΝ, 10. Επιστήμονες ανεκοίνωσαν ότι νέα ουσία επιβραδύνει την ανάπτυξιν καρκινικών όγκων. ΛΑΡΙΣΑ, 10. (Του ανταποκριτού μας). ΒΙΕΝΝΗ, 10. (Ρώυτερ). Οι καπνοκαλλιεργηταί της Μακεδονίας ευρίσκονται εις έσχατην ένδειαν.

ΦΟΝΟΣ ΚΡΕΟΠΩΛΟΥ ΜΕΤΑ ΠΟΛΕΜΕΦΟΔΙΩΝ ΕΙΧΕΝ ΕΙΣ ΤΗΝ ΟΙΚΙΑΝ ΤΟΥ

Δια νομοθετικού διατάγματος παρατείνεται η δέσμευσις των κεφαλαίων των νομικών προσώπων δημοσίου δικαίου. Η κυβέρνησις απεφάσισε την διενέργειαν των δημοτικών εκλογών εντός του φθινοπώρου. ΣΙΚΑΓΟΝ, 10. Επιστήμονες ανεκοίνωσαν ότι νέα ουσία επιβραδύνει την ανάπτυξιν καρκινικών όγκων. ΛΑΡΙΣΑ, 10. (Του ανταποκριτού μας). ΒΙΕΝΝΗ, 10. (Ρώυτερ). Οι καπνοκαλλιεργηταί της Μακεδονίας ευρίσκονται εις έσχατην ένδειαν.

Η ΚΥΒΕΡΝΗΣΙΣ ΔΙΑ ΤΑΣ ΑΝΑΠΑΡΑΓΩΓΗΜΑΤΙΚΑΣ ΔΗΜΟΤΙΚΑΣ ΕΚΛΟΓΑΣ

Δια νομοθετικού διατάγματος παρατείνεται η δέσμευσις των κεφαλαίων των νομικών προσώπων δημοσίου δικαίου. Η κυβέρνησις απεφάσισε την διενέργειαν των δημοτικών εκλογών εντός του φθινοπώρου. ΣΙΚΑΓΟΝ, 10. Επιστήμονες ανεκοίνωσαν ότι νέα ουσία επιβραδύνει την ανάπτυξιν καρκινικών όγκων. ΛΑΡΙΣΑ, 10. (Του ανταποκριτού μας). ΒΙΕΝΝΗ, 10. (Ρώυτερ). Οι καπνοκαλλιεργηταί της Μακεδονίας ευρίσκονται εις έσχατην ένδειαν.

ΣΥΝΘΕΣΙΣ ΘΥΣΙΑΝΟΓΕΝΟΥΣ ΕΠΙΒΡΑΔΥΝ ΤΗΝ ΑΝΑΠΤΥΞΙΝ ΚΑΡΚΙΝΙΚΩΝ ΟΓΚΩΝ

Δια νομοθετικού διατάγματος παρατείνεται η δέσμευσις των κεφαλαίων των νομικών προσώπων δημοσίου δικαίου. Η κυβέρνησις απεφάσισε την διενέργειαν των δημοτικών εκλογών εντός του φθινοπώρου. ΣΙΚΑΓΟΝ, 10. Επιστήμονες ανεκοίνωσαν ότι νέα ουσία επιβραδύνει την ανάπτυξιν καρκινικών όγκων. ΛΑΡΙΣΑ, 10. (Του ανταποκριτού μας). ΒΙΕΝΝΗ, 10. (Ρώυτερ). Οι καπνοκαλλιεργηταί της Μακεδονίας ευρίσκονται εις έσχατην ένδειαν.

ΣΤΡΑΤΙΩΤΙΚΗ ΕΚΤΕΛΕΣΙΣ ΑΝΕΥΝΗ ΕΙΣ ΤΗΝ ΠΕΡΙΟΧΗΝ ΣΑΡΚΙΟΝ

Δια νομοθετικού διατάγματος παρατείνεται η δέσμευσις των κεφαλαίων των νομικών προσώπων δημοσίου δικαίου. Η κυβέρνησις απεφάσισε την διενέργειαν των δημοτικών εκλογών εντός του φθινοπώρου. ΣΙΚΑΓΟΝ, 10. Επιστήμονες ανεκοίνωσαν ότι νέα ουσία επιβραδύνει την ανάπτυξιν καρκινικών όγκων. ΛΑΡΙΣΑ, 10. (Του ανταποκριτού μας). ΒΙΕΝΝΗ, 10. (Ρώυτερ). Οι καπνοκαλλιεργηταί της Μακεδονίας ευρίσκονται εις έσχατην ένδειαν.

ΕΛΛΗΝ ΚΟΜΜΟΥΝΙΣΤΗΣ ΕΙΣ ΒΙΕΝΝΗΝ

Δια νομοθετικού διατάγματος παρατείνεται η δέσμευσις των κεφαλαίων των νομικών προσώπων δημοσίου δικαίου. Η κυβέρνησις απεφάσισε την διενέργειαν των δημοτικών εκλογών εντός του φθινοπώρου. ΣΙΚΑΓΟΝ, 10. Επιστήμονες ανεκοίνωσαν ότι νέα ουσία επιβραδύνει την ανάπτυξιν καρκινικών όγκων. ΛΑΡΙΣΑ, 10. (Του ανταποκριτού μας). ΒΙΕΝΝΗ, 10. (Ρώυτερ). Οι καπνοκαλλιεργηταί της Μακεδονίας ευρίσκονται εις έσχατην ένδειαν.

ΠΛΗΚΤΙΚΑΙ ΣΥΝΕΔΡΙΑΙ ΥΠΟΥΡΓ. ΑΕΡΟΠΟΡΙΑΣ

Δια νομοθετικού διατάγματος παρατείνεται η δέσμευσις των κεφαλαίων των νομικών προσώπων δημοσίου δικαίου. Η κυβέρνησις απεφάσισε την διενέργειαν των δημοτικών εκλογών εντός του φθινοπώρου. ΣΙΚΑΓΟΝ, 10. Επιστήμονες ανεκοίνωσαν ότι νέα ουσία επιβραδύνει την ανάπτυξιν καρκινικών όγκων. ΛΑΡΙΣΑ, 10. (Του ανταποκριτού μας). ΒΙΕΝΝΗ, 10. (Ρώυτερ). Οι καπνοκαλλιεργηταί της Μακεδονίας ευρίσκονται εις έσχατην ένδειαν.

ΟΙ ΚΑΠΝΟΚΑΛΛΙΕΡΓΗΤΑΙ ΕΙΣ ΕΣΧΑΤΗΝ ΕΝΔΕΙΑΝ

Δια νομοθετικού διατάγματος παρατείνεται η δέσμευσις των κεφαλαίων των νομικών προσώπων δημοσίου δικαίου. Η κυβέρνησις απεφάσισε την διενέργειαν των δημοτικών εκλογών εντός του φθινοπώρου. ΣΙΚΑΓΟΝ, 10. Επιστήμονες ανεκοίνωσαν ότι νέα ουσία επιβραδύνει την ανάπτυξιν καρκινικών όγκων. ΛΑΡΙΣΑ, 10. (Του ανταποκριτού μας). ΒΙΕΝΝΗ, 10. (Ρώυτερ). Οι καπνοκαλλιεργηταί της Μακεδονίας ευρίσκονται εις έσχατην ένδειαν.
